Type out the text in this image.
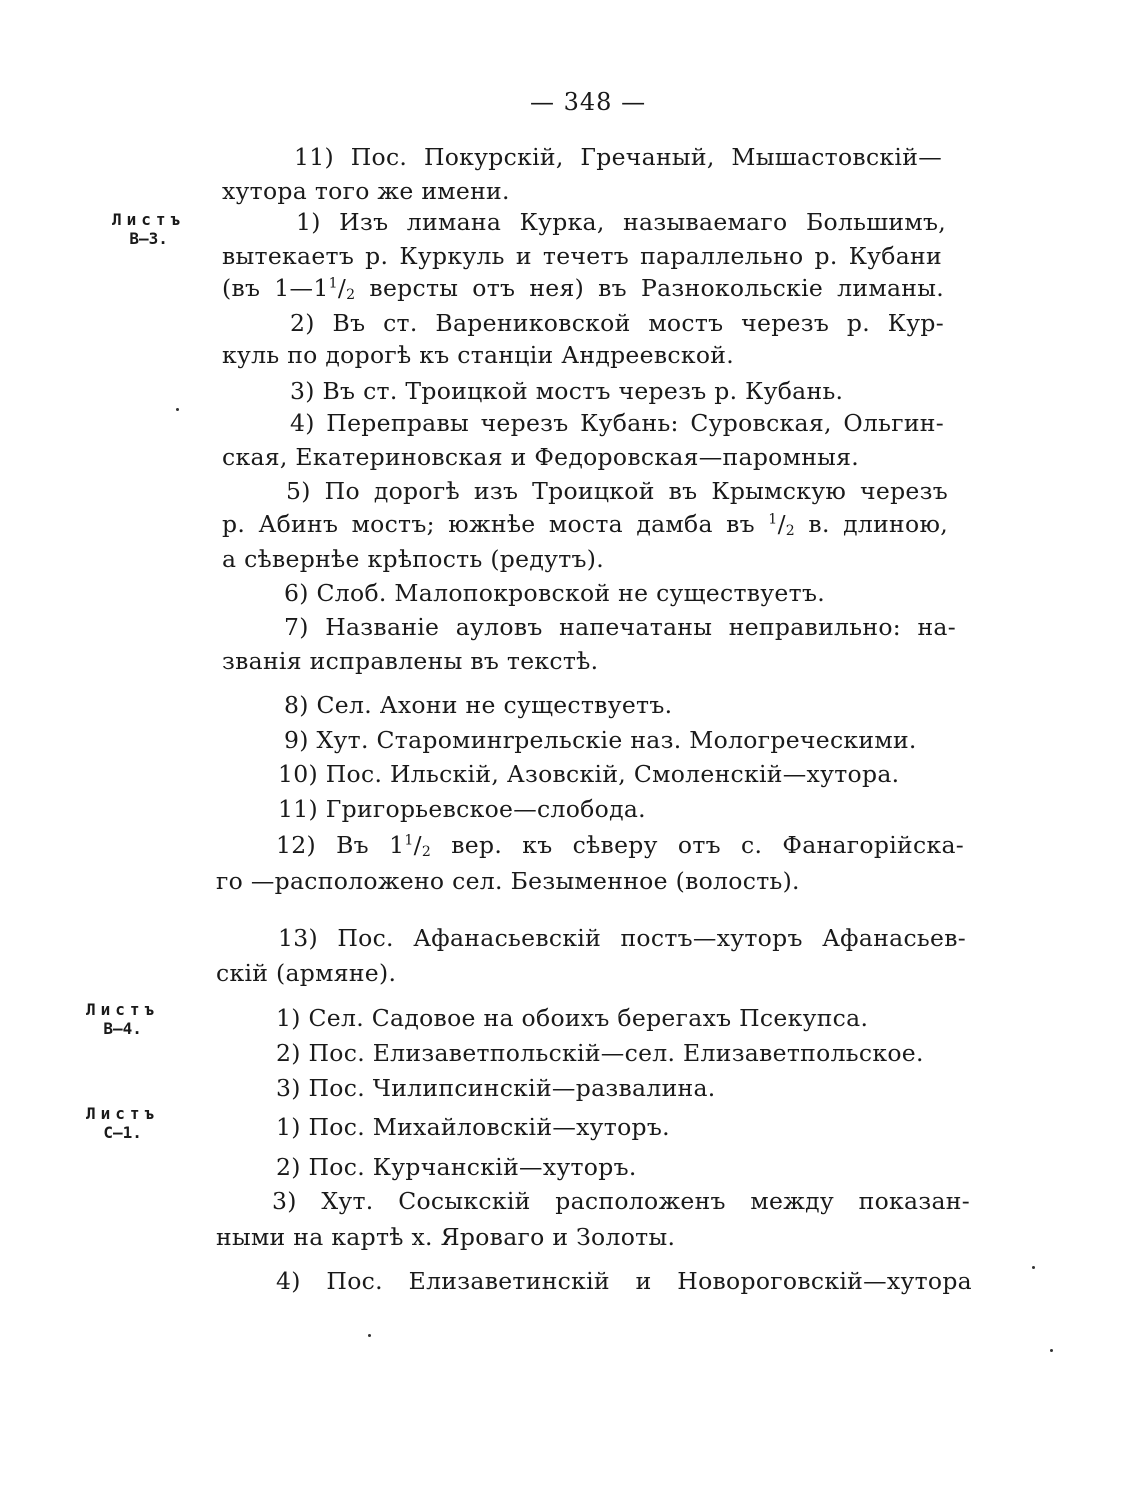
— 348 —
Листъ
В—3.
Листъ
В—4.
Листъ
С—1.
11) Пос. Покурскій, Гречаный, Мышастовскій—
хутора того же имени.
1) Изъ лимана Курка, называемаго Большимъ,
вытекаетъ р. Куркуль и течетъ параллельно р. Кубани
(въ $1—1^1/_2$ версты отъ нея) въ Разнокольскіе лиманы.
2) Въ ст. Варениковской мостъ черезъ р. Кур-
куль по дорогѣ къ станціи Андреевской.
3) Въ ст. Троицкой мостъ черезъ р. Кубань.
4) Переправы черезъ Кубань: Суровская, Ольгин-
ская, Екатериновская и Федоровская—паромныя.
5) По дорогѣ изъ Троицкой въ Крымскую черезъ
р. Абинъ мостъ; южнѣе моста дамба въ $^1/_2$ в. длиною,
а сѣвернѣе крѣпость (редутъ).
6) Слоб. Малопокровской не существуетъ.
7) Названіе ауловъ напечатаны неправильно: на-
званія исправлены въ текстѣ.
8) Сел. Ахони не существуетъ.
9) Хут. Староминrрельскіе наз. Мологреческими.
10) Пос. Ильскій, Азовскій, Смоленскій—хутора.
11) Григорьевское—слобода.
12) Въ $1^1/_2$ вер. къ сѣверу отъ с. Фанагорійска-
го —расположено сел. Безыменное (волость).
13) Пос. Афанасьевскій постъ—хуторъ Афанасьев-
скій (армяне).
1) Сел. Садовое на обоихъ берегахъ Псекупса.
2) Пос. Елизаветпольскій—сел. Елизаветпольское.
3) Пос. Чилипсинскій—развалина.
1) Пос. Михайловскій—хуторъ.
2) Пос. Курчанскій—хуторъ.
3) Хут. Сосыкскій расположенъ между показан-
ными на картѣ х. Яроваго и Золоты.
4) Пос. Елизаветинскій и Новороговскій—хутора
